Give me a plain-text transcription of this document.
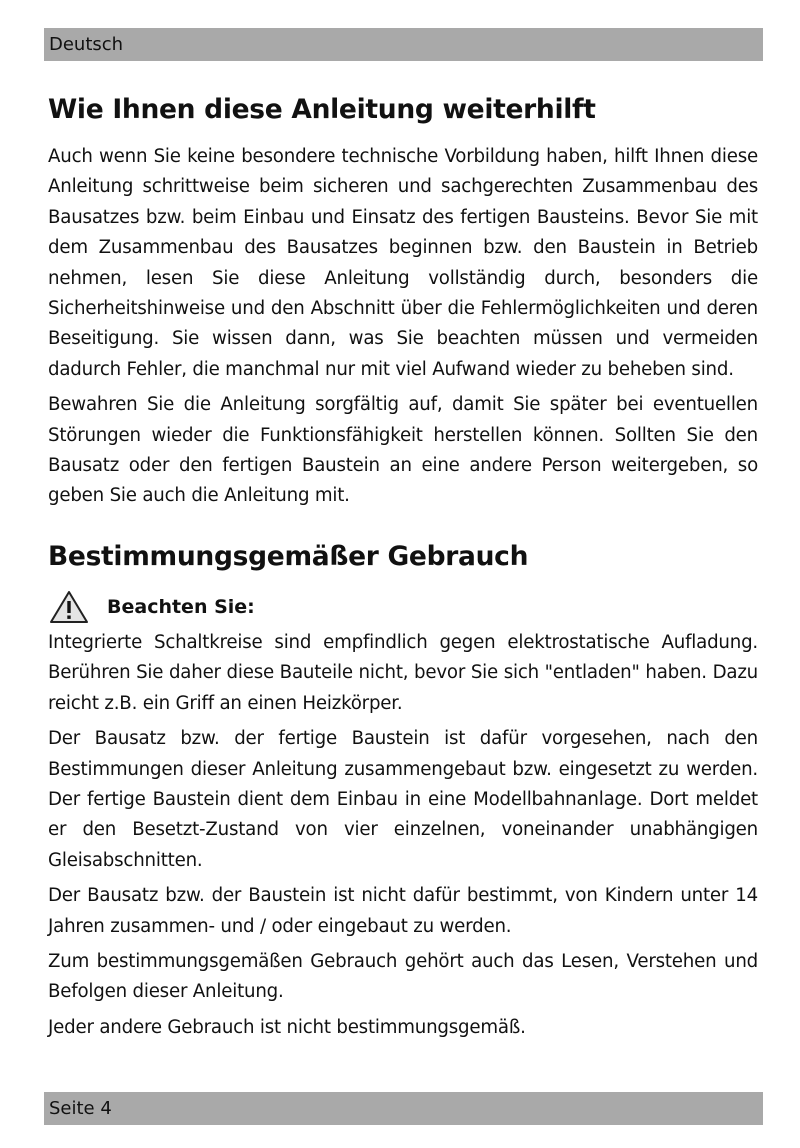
Deutsch
Wie Ihnen diese Anleitung weiterhilft

Auch wenn Sie keine besondere technische Vorbildung haben, hilft Ihnen diese Anleitung schrittweise beim sicheren und sachgerechten Zusammenbau des Bausatzes bzw. beim Einbau und Einsatz des fertigen Bausteins. Bevor Sie mit dem Zusammenbau des Bausatzes beginnen bzw. den Baustein in Betrieb nehmen, lesen Sie diese Anleitung vollständig durch, besonders die Sicherheitshinweise und den Abschnitt über die Fehlermöglichkeiten und deren Beseitigung. Sie wissen dann, was Sie beachten müssen und vermeiden dadurch Fehler, die manchmal nur mit viel Aufwand wieder zu beheben sind.

Bewahren Sie die Anleitung sorgfältig auf, damit Sie später bei eventuellen Störungen wieder die Funktionsfähigkeit herstellen können. Sollten Sie den Bausatz oder den fertigen Baustein an eine andere Person weitergeben, so geben Sie auch die Anleitung mit.

Bestimmungsgemäßer Gebrauch
Beachten Sie:

Integrierte Schaltkreise sind empfindlich gegen elektrostatische Aufladung. Berühren Sie daher diese Bauteile nicht, bevor Sie sich "entladen" haben. Dazu reicht z.B. ein Griff an einen Heizkörper.

Der Bausatz bzw. der fertige Baustein ist dafür vorgesehen, nach den Bestimmungen dieser Anleitung zusammengebaut bzw. eingesetzt zu werden. Der fertige Baustein dient dem Einbau in eine Modellbahnanlage. Dort meldet er den Besetzt-Zustand von vier einzelnen, voneinander unabhängigen Gleisabschnitten.

Der Bausatz bzw. der Baustein ist nicht dafür bestimmt, von Kindern unter 14 Jahren zusammen- und / oder eingebaut zu werden.

Zum bestimmungsgemäßen Gebrauch gehört auch das Lesen, Verstehen und Befolgen dieser Anleitung.

Jeder andere Gebrauch ist nicht bestimmungsgemäß.

Seite 4
